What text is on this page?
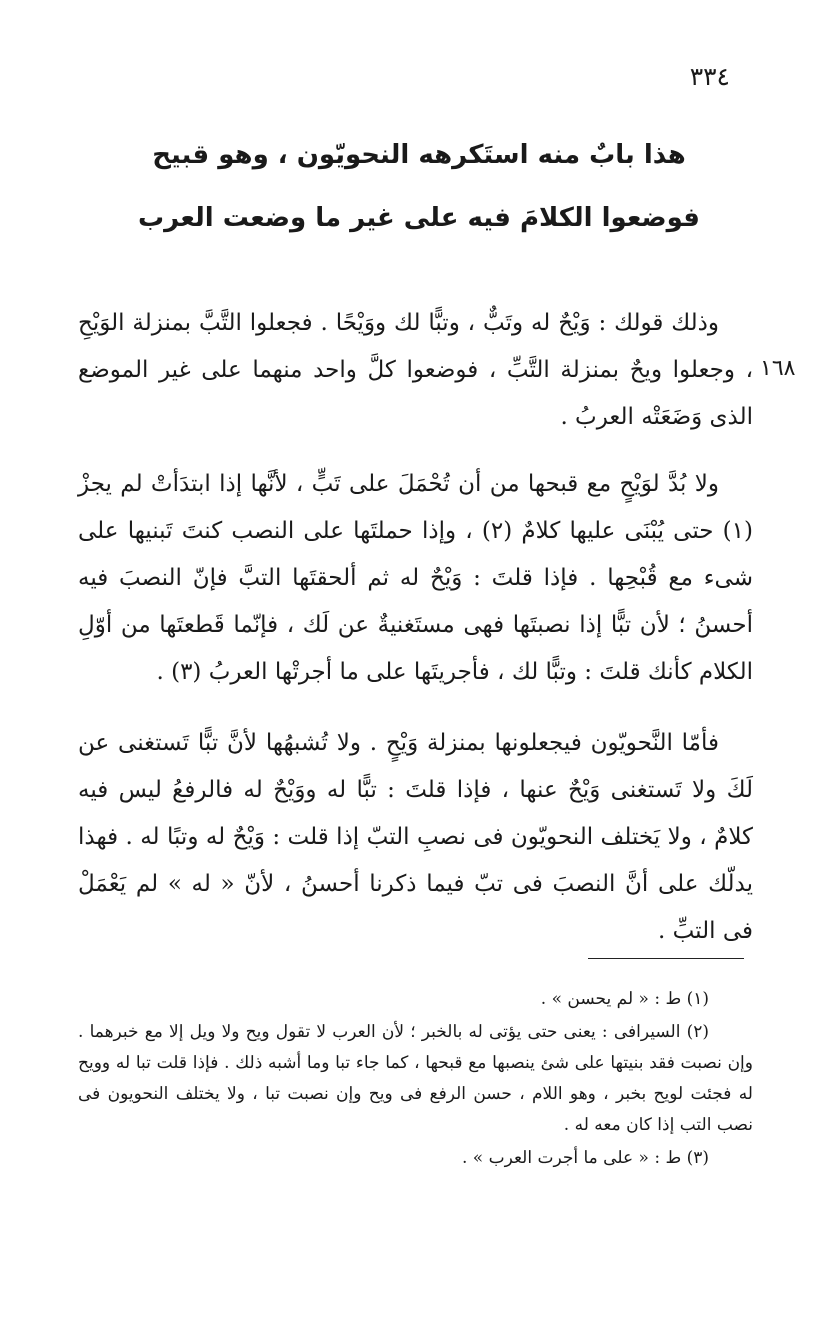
٣٣٤
هذا بابٌ منه استَكرهه النحويّون ، وهو قبيح
فوضعوا الكلامَ فيه على غير ما وضعت العرب
١٦٨

وذلك قولك : وَيْحٌ له وتَبٌّ ، وتبًّا لك ووَيْحًا . فجعلوا التَّبَّ بمنزلة الوَيْحِ ، وجعلوا ويحٌ بمنزلة التَّبِّ ، فوضعوا كلَّ واحد منهما على غير الموضع الذى وَضَعَتْه العربُ .

ولا بُدَّ لوَيْحٍ مع قبحها من أن تُحْمَلَ على تَبٍّ ، لأنَّها إذا ابتدَأتْ لم يجزْ (١) حتى يُبْنَى عليها كلامٌ (٢) ، وإذا حملتَها على النصب كنتَ تَبنيها على شىء مع قُبْحِها . فإذا قلتَ : وَيْحٌ له ثم ألحقتَها التبَّ فإنّ النصبَ فيه أحسنُ ؛ لأن تبًّا إذا نصبتَها فهى مستَغنيةٌ عن لَك ، فإنّما قَطعتَها من أوّلِ الكلام كأنك قلتَ : وتبًّا لك ، فأجريتَها على ما أجرتْها العربُ (٣) .

فأمّا النَّحويّون فيجعلونها بمنزلة وَيْحٍ . ولا تُشبهُها لأنَّ تبًّا تَستغنى عن لَكَ ولا تَستغنى وَيْحٌ عنها ، فإذا قلتَ : تبًّا له ووَيْحٌ له فالرفعُ ليس فيه كلامٌ ، ولا يَختلف النحويّون فى نصبِ التبّ إذا قلت : وَيْحٌ له وتبًا له . فهذا يدلّك على أنَّ النصبَ فى تبّ فيما ذكرنا أحسنُ ، لأنّ « له » لم يَعْمَلْ فى التبِّ .

(١) ط : « لم يحسن » .
(٢) السيرافى : يعنى حتى يؤتى له بالخبر ؛ لأن العرب لا تقول ويح ولا ويل إلا مع خبرهما . وإن نصبت فقد بنيتها على شئ ينصبها مع قبحها ، كما جاء تبا وما أشبه ذلك . فإذا قلت تبا له وويح له فجئت لويح بخبر ، وهو اللام ، حسن الرفع فى ويح وإن نصبت تبا ، ولا يختلف النحويون فى نصب التب إذا كان معه له .
(٣) ط : « على ما أجرت العرب » .
